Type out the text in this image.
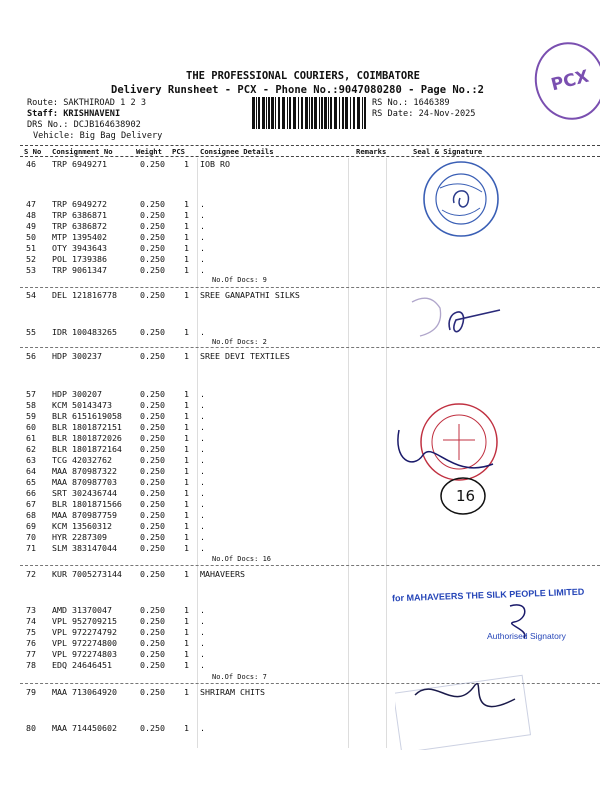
THE PROFESSIONAL COURIERS, COIMBATORE
Delivery Runsheet - PCX - Phone No.:9047080280 - Page No.:2
Route: SAKTHIROAD 1 2 3
Staff: KRISHNAVENI
DRS No.: DCJB164638902
Vehicle: Big Bag Delivery
RS No.: 1646389
RS Date: 24-Nov-2025
PCX
S No Consignment No	Weight PCS Consignee Details	Remarks	Seal & Signature
46 TRP 6949271	0.250 1 IOB RO
47 TRP 6949272	0.250 1 .
48 TRP 6386871	0.250 1 .
49 TRP 6386872	0.250 1 .
50 MTP 1395402	0.250 1 .
51 OTY 3943643	0.250 1 .
52 POL 1739386	0.250 1 .
53 TRP 9061347	0.250 1 .
54 DEL 121816778	0.250 1 SREE GANAPATHI SILKS
55 IDR 100483265	0.250 1 .
56 HDP 300237	0.250 1 SREE DEVI TEXTILES
57 HDP 300207	0.250 1 .
58 KCM 50143473	0.250 1 .
59 BLR 6151619058 0.250 1 .
60 BLR 1801872151 0.250 1 .
61 BLR 1801872026 0.250 1 .
62 BLR 1801872164 0.250 1 .
63 TCG 42032762	0.250 1 .
64 MAA 870987322	0.250 1 .
65 MAA 870987703	0.250 1 .
66 SRT 302436744	0.250 1 .
67 BLR 1801871566 0.250 1 .
68 MAA 870987759	0.250 1 .
69 KCM 13560312	0.250 1 .
70 HYR 2287309	0.250 1 .
71 SLM 383147044	0.250 1 .
72 KUR 7005273144 0.250 1 MAHAVEERS
73 AMD 31370047	0.250 1 .
74 VPL 952709215	0.250 1 .
75 VPL 972274792	0.250 1 .
76 VPL 972274800	0.250 1 .
77 VPL 972274803	0.250 1 .
78 EDQ 24646451	0.250 1 .
79 MAA 713064920	0.250 1 SHRIRAM CHITS
80 MAA 714450602	0.250 1 .
No.Of Docs: 9
No.Of Docs: 2
No.Of Docs: 16
No.Of Docs: 7
16
for MAHAVEERS THE SILK PEOPLE LIMITED
Authorised Signatory
